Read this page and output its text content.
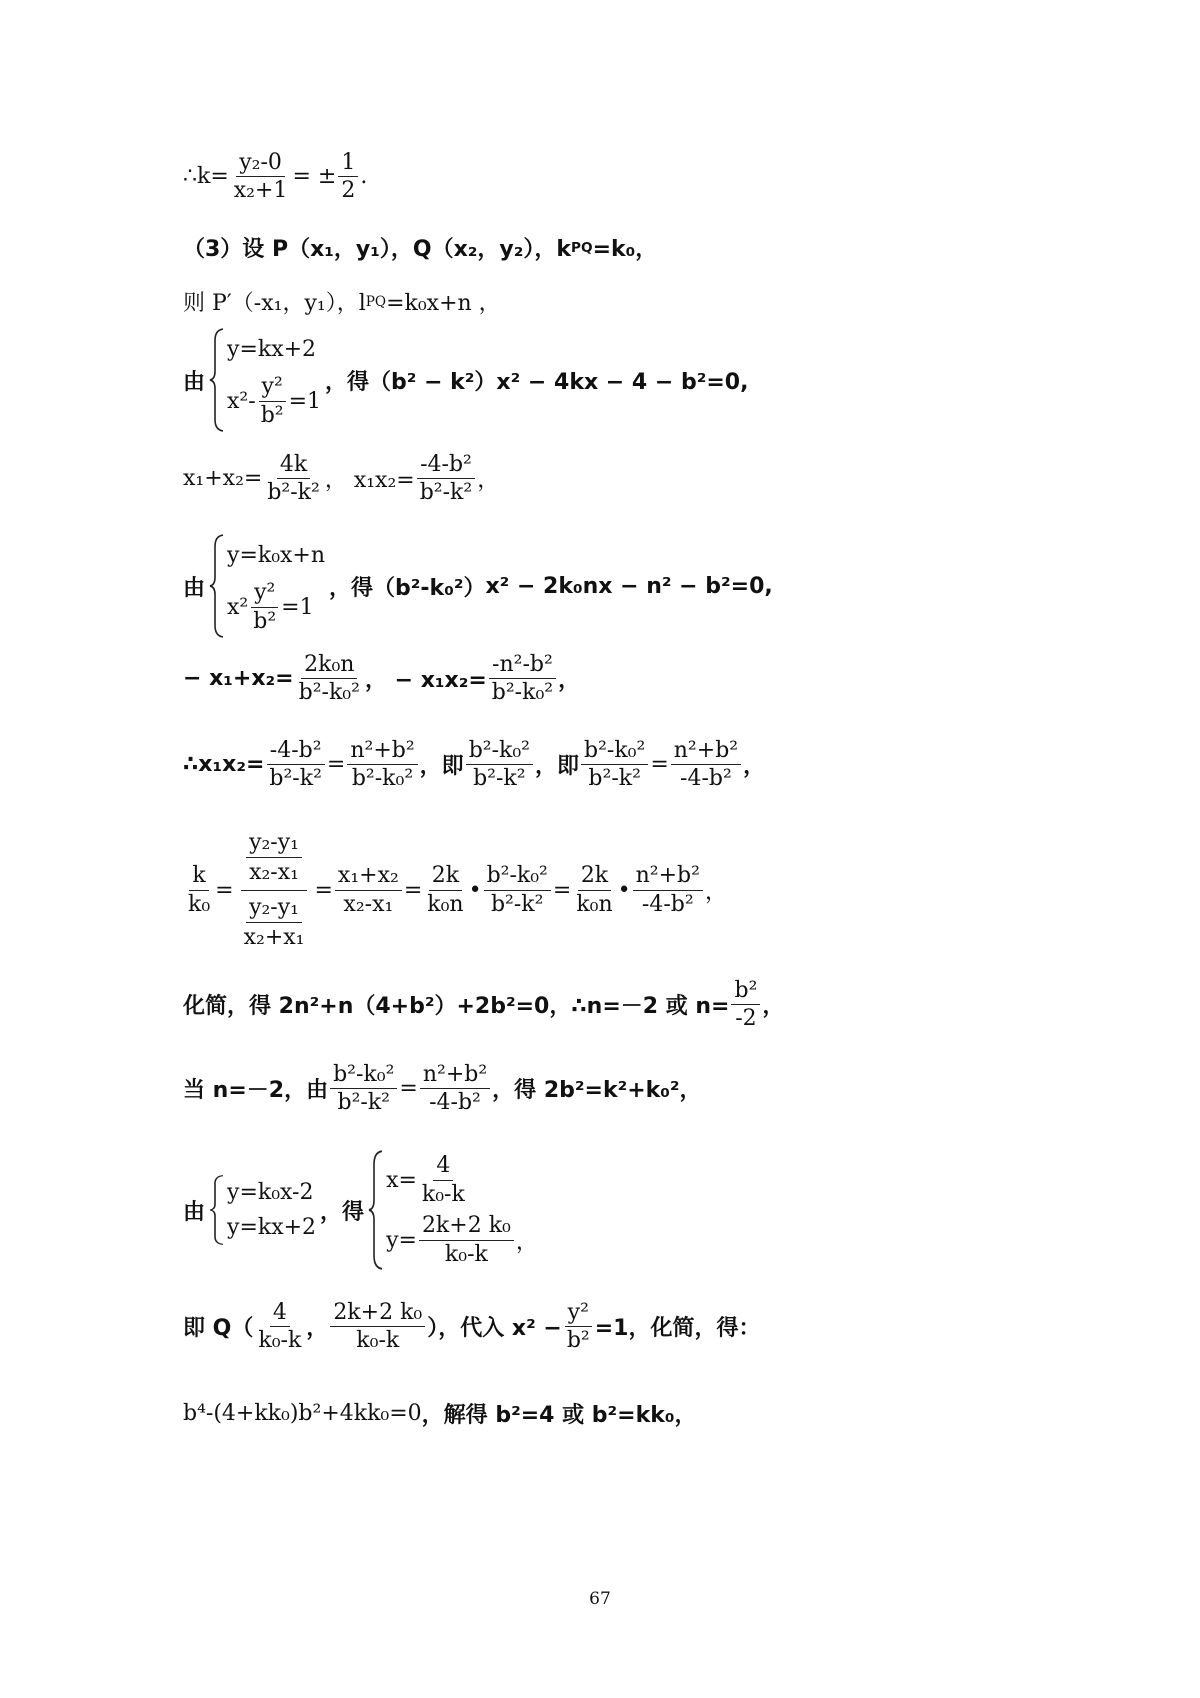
∴ $k= \frac{\text{y₂-0}}{\text{x₂+1}}$ = ± $\frac{1}{2}$ .
（3）设 P（x₁，y₁），Q（x₂，y₂），k PQ =k₀，
则 P′（-x₁，y₁），l PQ =k₀x+n ，
由
y=kx+2
$x^2- \frac{\text{y²}}{\text{b²}} =1$
，得（b² − k²）x² − 4kx − 4 − b²=0,
$x_1+x_2= \frac{4k}{\text{b²-k²}}$ ， $x_1x_2= \frac{\text{-4-b²}}{\text{b²-k²}}$ ，
由
y=k₀x+n
$x^2 \frac{\text{y²}}{\text{b²}} =1$
，得（b²-k₀²） x² − 2k₀nx − n² − b²=0,
− $x_1+x_2= \frac{\text{2k₀n}}{\text{b²-k₀²}}$ ， − $x_1x_2= \frac{\text{-n²-b²}}{\text{b²-k₀²}}$ ，
∴x₁x₂= $\frac{\text{-4-b²}}{\text{b²-k²}} = \frac{\text{n²+b²}}{\text{b²-k₀²}}$ ，即 $\frac{\text{b²-k₀²}}{\text{b²-k²}}$ ，即 $\frac{\text{b²-k₀²}}{\text{b²-k²}} = \frac{\text{n²+b²}}{\text{-4-b²}}$ ，
$\frac{k}{\text{k₀}} = \frac{\frac{\text{y₂-y₁}}{\text{x₂-x₁}}}{\frac{\text{y₂-y₁}}{\text{x₂+x₁}}} = \frac{\text{x₁+x₂}}{\text{x₂-x₁}} = \frac{2k}{\text{k₀n}}$ • $\frac{\text{b²-k₀²}}{\text{b²-k²}} = \frac{2k}{\text{k₀n}}$ • $\frac{\text{n²+b²}}{\text{-4-b²}}$ ，
化简，得 2n²+n（4+b²）+2b²=0，∴n=－2 或 $n= \frac{\text{b²}}{-2}$ ，
当 n=－2，由 $\frac{\text{b²-k₀²}}{\text{b²-k²}} = \frac{\text{n²+b²}}{\text{-4-b²}}$ ，得 2b²=k²+k₀²，
由
y=k₀x-2
y=kx+2
，得
$x= \frac{4}{\text{k₀-k}}$
$y= \frac{\text{2k+2 k₀}}{\text{k₀-k}}$ ，
即 $Q( \frac{4}{\text{k₀-k}}$ ， $\frac{\text{2k+2 k₀}}{\text{k₀-k}}$ ），代入 $x^2 - \frac{\text{y²}}{\text{b²}} =1$，化简，得：
b⁴-(4+kk₀)b²+4kk₀=0 ，解得 b²=4 或 b²=kk₀，
67
